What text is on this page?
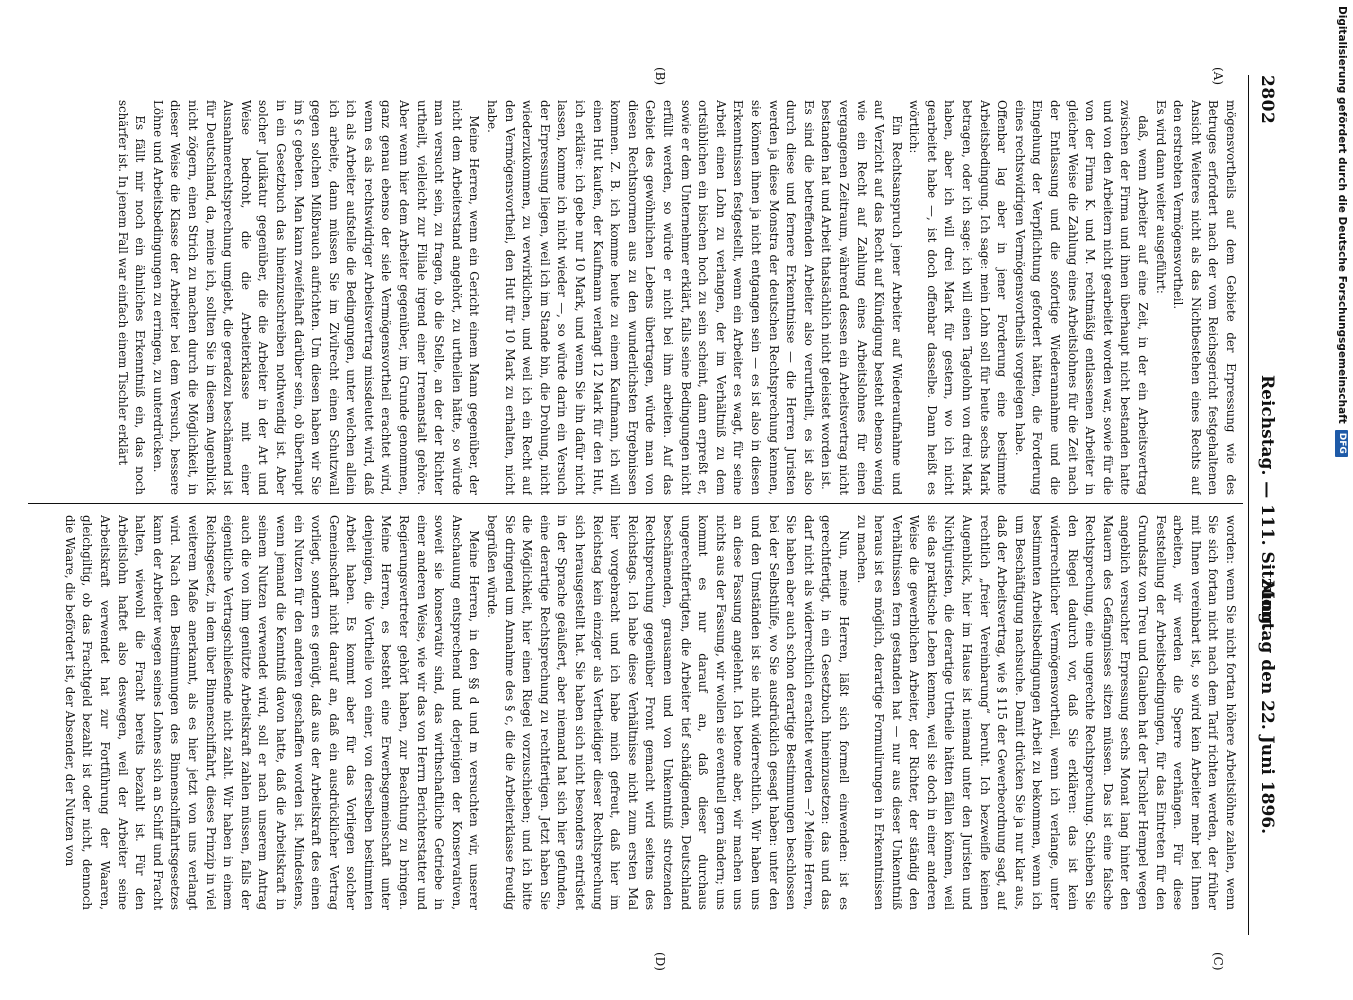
2802
Reichstag. — 111. Sitzung.
Montag den 22. Juni 1896.
(A)
(B)
(C)
(D)

mögensvortheils auf dem Gebiete der Erpressung wie des Betruges erfordert nach der vom Reichsgericht festgehaltenen Ansicht Weiteres nicht als das Nichtbestehen eines Rechts auf den erstrebten Vermögensvortheil.

Es wird dann weiter ausgeführt:

daß, wenn Arbeiter auf eine Zeit, in der ein Arbeitsvertrag zwischen der Firma und ihnen überhaupt nicht bestanden hatte und von den Arbeitern nicht gearbeitet worden war, sowie für die von der Firma K. und M. rechtmäßig entlassenen Arbeiter in gleicher Weise die Zahlung eines Arbeitslohnes für die Zeit nach der Entlassung und die sofortige Wiederannahme und die Eingehung der Verpflichtung gefordert hätten, die Forderung eines rechtswidrigen Vermögensvortheils vorgelegen habe.

Offenbar lag aber in jener Forderung eine bestimmte Arbeitsbedingung. Ich sage: mein Lohn soll für heute sechs Mark betragen, oder ich sage: ich will einen Tagelohn von drei Mark haben, aber ich will drei Mark für gestern, wo ich nicht gearbeitet habe —, ist doch offenbar dasselbe. Dann heißt es wörtlich:

Ein Rechtsanspruch jener Arbeiter auf Wiederaufnahme und auf Verzicht auf das Recht auf Kündigung besteht ebenso wenig wie ein Recht auf Zahlung eines Arbeitslohnes für einen vergangenen Zeitraum, während dessen ein Arbeitsvertrag nicht bestanden hat und Arbeit thatsächlich nicht geleistet worden ist.

Es sind die betreffenden Arbeiter also verurtheilt, es ist also durch diese und fernere Erkenntnisse — die Herren Juristen werden ja diese Monstra der deutschen Rechtsprechung kennen, sie können ihnen ja nicht entgangen sein — es ist also in diesen Erkenntnissen festgestellt, wenn ein Arbeiter es wagt, für seine Arbeit einen Lohn zu verlangen, der im Verhältniß zu dem ortsüblichen ein bischen hoch zu sein scheint, dann erpreßt er, sowie er dem Unternehmer erklärt, falls seine Bedingungen nicht erfüllt werden, so würde er nicht bei ihm arbeiten. Auf das Gebiet des gewöhnlichen Lebens übertragen, würde man von diesen Rechtsnormen aus zu den wunderlichsten Ergebnissen kommen. Z. B. ich komme heute zu einem Kaufmann, ich will einen Hut kaufen, der Kaufmann verlangt 12 Mark für den Hut, ich erkläre: ich gebe nur 10 Mark, und wenn Sie ihn dafür nicht lassen, komme ich nicht wieder —, so würde darin ein Versuch der Erpressung liegen, weil ich im Stande bin, die Drohung, nicht wiederzukommen, zu verwirklichen, und weil ich ein Recht auf den Vermögensvortheil, den Hut für 10 Mark zu erhalten, nicht habe.

Meine Herren, wenn ein Gericht einem Mann gegenüber, der nicht dem Arbeiterstand angehört, zu urtheilen hätte, so würde man versucht sein, zu fragen, ob die Stelle, an der der Richter urtheilt, vielleicht zur Filiale irgend einer Irrenanstalt gehöre. Aber wenn hier dem Arbeiter gegenüber, im Grunde genommen, ganz genau ebenso der siele Vermögensvortheil erachtet wird, wenn es als rechtswidriger Arbeitsvertrag missdeutet wird, daß ich als Arbeiter aufstelle die Bedingungen, unter welchen allein ich arbeite, dann müssen Sie im Zivilrecht einen Schutzwall gegen solchen Mißbrauch aufrichten. Um diesen haben wir Sie im § c gebeten. Man kann zweifelhaft darüber sein, ob überhaupt in ein Gesetzbuch das hineinzuschreiben nothwendig ist. Aber solcher Judikatur gegenüber, die die Arbeiter in der Art und Weise bedroht, die die Arbeiterklasse mit einer Ausnahmerechtsprechung umgiebt, die geradezu beschämend ist für Deutschland, da, meine ich, sollten Sie in diesem Augenblick nicht zögern, einen Strich zu machen durch die Möglichkeit, in dieser Weise die Klasse der Arbeiter bei dem Versuch, bessere Löhne und Arbeitsbedingungen zu erringen, zu unterdrücken.

Es fällt mir noch ein ähnliches Erkenntniß ein, das noch schärfer ist. In jenem Fall war einfach einem Tischler erklärt

worden: wenn Sie nicht fortan höhere Arbeitslöhne zahlen, wenn Sie sich fortan nicht nach dem Tarif richten werden, der früher mit Ihnen vereinbart ist, so wird kein Arbeiter mehr bei Ihnen arbeiten, wir werden die Sperre verhängen. Für diese Feststellung der Arbeitsbedingungen, für das Eintreten für den Grundsatz von Treu und Glauben hat der Tischler Hempel wegen angeblich versuchter Erpressung sechs Monat lang hinter den Mauern des Gefängnisses sitzen müssen. Das ist eine falsche Rechtsprechung, eine ungerechte Rechtsprechung. Schieben Sie den Riegel dadurch vor, daß Sie erklären: das ist kein widerrechtlicher Vermögensvortheil, wenn ich verlange, unter bestimmten Arbeitsbedingungen Arbeit zu bekommen, wenn ich um Beschäftigung nachsuche. Damit drücken Sie ja nur klar aus, daß der Arbeitsvertrag, wie § 115 der Gewerbeordnung sagt, auf rechtlich „freier Vereinbarung“ beruht. Ich bezweifle keinen Augenblick, hier im Hause ist niemand unter den Juristen und Nichtjuristen, die derartige Urtheile hätten fällen können, weil sie das praktische Leben kennen, weil sie doch in einer anderen Weise die gewerblichen Arbeiter, der Richter, der ständig den Verhältnissen fern gestanden hat — nur aus dieser Unkenntniß heraus ist es möglich, derartige Formulirungen in Erkenntnissen zu machen.

Nun, meine Herren, läßt sich formell einwenden: ist es gerechtfertigt, in ein Gesetzbuch hineinzusetzen: das und das darf nicht als widerrechtlich erachtet werden —? Meine Herren, Sie haben aber auch schon derartige Bestimmungen beschlossen bei der Selbsthilfe, wo Sie ausdrücklich gesagt haben: unter den und den Umständen ist sie nicht widerrechtlich. Wir haben uns an diese Fassung angelehnt. Ich betone aber, wir machen uns nichts aus der Fassung, wir wollen sie eventuell gern ändern; uns kommt es nur darauf an, daß dieser durchaus ungerechtfertigten, die Arbeiter tief schädigenden, Deutschland beschämenden, grausamen und von Unkenntniß strotzenden Rechtsprechung gegenüber Front gemacht wird seitens des Reichstags. Ich habe diese Verhältnisse nicht zum ersten Mal hier vorgebracht und ich habe mich gefreut, daß hier im Reichstag kein einziger als Vertheidiger dieser Rechtsprechung sich herausgestellt hat. Sie haben sich nicht besonders entrüstet in der Sprache geäußert, aber niemand hat sich hier gefunden, eine derartige Rechtsprechung zu rechtfertigen. Jetzt haben Sie die Möglichkeit, hier einen Riegel vorzuschieben; und ich bitte Sie dringend um Annahme des § c, die die Arbeiterklasse freudig begrüßen würde.

Meine Herren, in den §§ d und m versuchten wir, unserer Anschauung entsprechend und derjenigen der Konservativen, soweit sie konservativ sind, das wirthschaftliche Getriebe in einer anderen Weise, wie wir das von Herrn Berichterstatter und Regierungsvertreter gehört haben, zur Beachtung zu bringen. Meine Herren, es besteht eine Erwerbsgemeinschaft unter denjenigen, die Vortheile von einer, von derselben bestimmten Arbeit haben. Es kommt aber für das Vorliegen solcher Gemeinschaft nicht darauf an, daß ein ausdrücklicher Vertrag vorliegt, sondern es genügt, daß aus der Arbeitskraft des einen ein Nutzen für den anderen geschaffen worden ist. Mindestens, wenn jemand die Kenntniß davon hatte, daß die Arbeitskraft in seinem Nutzen verwendet wird, soll er nach unserem Antrag auch die von ihm genützte Arbeitskraft zahlen müssen, falls der eigentliche Vertragschließende nicht zahlt. Wir haben in einem Reichsgesetz, in dem über Binnenschiffahrt, dieses Prinzip in viel weiterem Maße anerkannt, als es hier jetzt von uns verlangt wird. Nach den Bestimmungen des Binnenschiffahrtsgesetzes kann der Arbeiter wegen seines Lohnes sich an Schiff und Fracht halten, wiewohl die Fracht bereits bezahlt ist. Für den Arbeitslohn haftet also deswegen, weil der Arbeiter seine Arbeitskraft verwendet hat zur Fortführung der Waaren, gleichgiltig, ob das Frachtgeld bezahlt ist oder nicht, dennoch die Waare, die befördert ist, der Absender, der Nutzen von

Digitalisierung gefördert durch die Deutsche Forschungsgemeinschaft
DFG
